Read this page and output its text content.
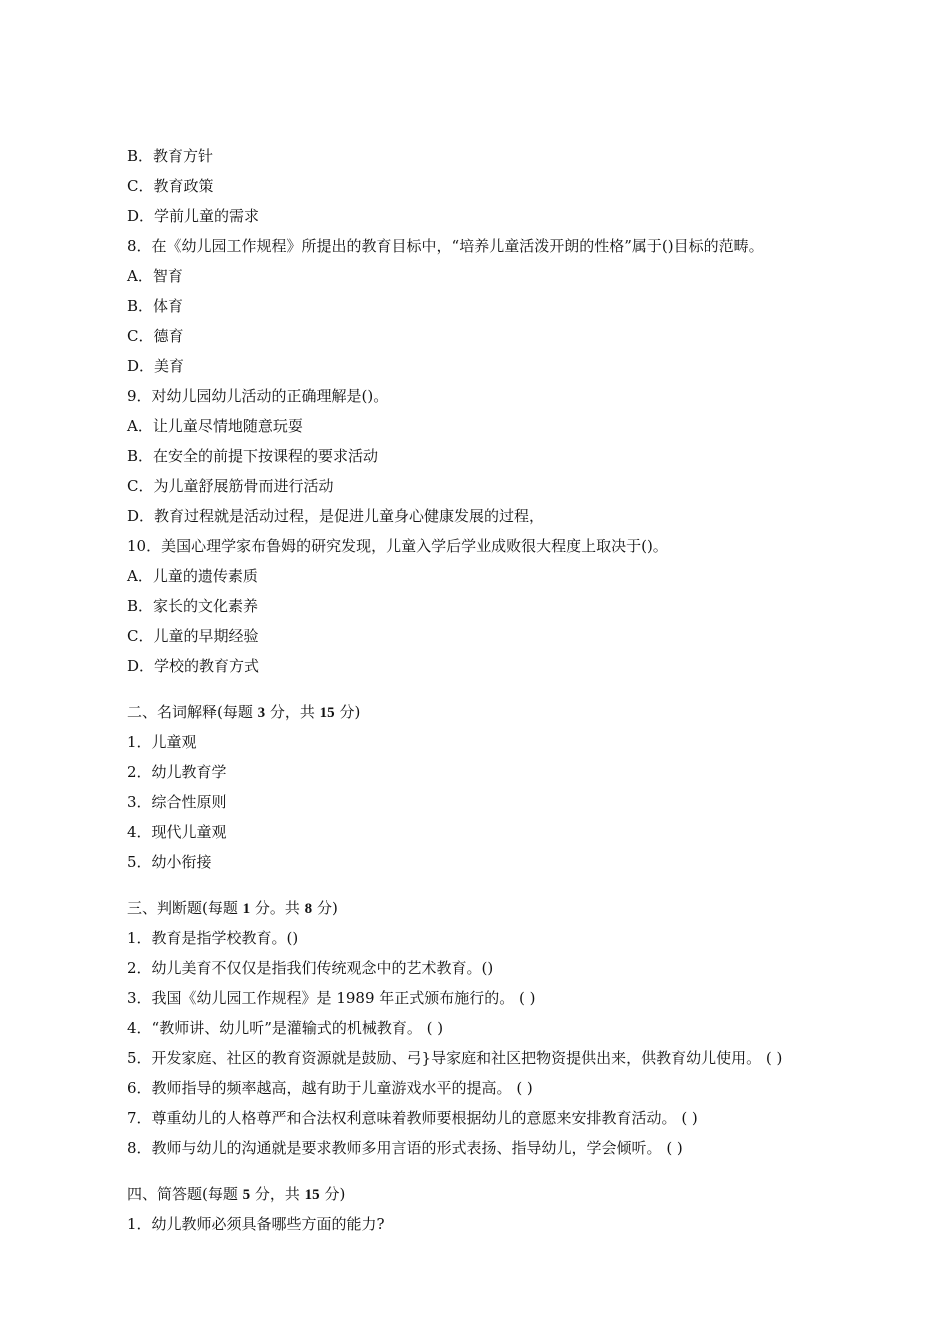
B．教育方针
C．教育政策
D．学前儿童的需求
8．在《幼儿园工作规程》所提出的教育目标中，“培养儿童活泼开朗的性格”属于()目标的范畴。
A．智育
B．体育
C．德育
D．美育
9．对幼儿园幼儿活动的正确理解是()。
A．让儿童尽情地随意玩耍
B．在安全的前提下按课程的要求活动
C．为儿童舒展筋骨而进行活动
D．教育过程就是活动过程，是促进儿童身心健康发展的过程，
10．美国心理学家布鲁姆的研究发现，儿童入学后学业成败很大程度上取决于()。
A．儿童的遗传素质
B．家长的文化素养
C．儿童的早期经验
D．学校的教育方式
二、名词解释(每题 3 分，共 15 分)
1．儿童观
2．幼儿教育学
3．综合性原则
4．现代儿童观
5．幼小衔接
三、判断题(每题 1 分。共 8 分)
1．教育是指学校教育。()
2．幼儿美育不仅仅是指我们传统观念中的艺术教育。()
3．我国《幼儿园工作规程》是 1989 年正式颁布施行的。 ( )
4．“教师讲、幼儿听”是灌输式的机械教育。 ( )
5．开发家庭、社区的教育资源就是鼓励、弓}导家庭和社区把物资提供出来，供教育幼儿使用。 ( )
6．教师指导的频率越高，越有助于儿童游戏水平的提高。 ( )
7．尊重幼儿的人格尊严和合法权利意味着教师要根据幼儿的意愿来安排教育活动。 ( )
8．教师与幼儿的沟通就是要求教师多用言语的形式表扬、指导幼儿，学会倾听。 ( )
四、简答题(每题 5 分，共 15 分)
1．幼儿教师必须具备哪些方面的能力?
